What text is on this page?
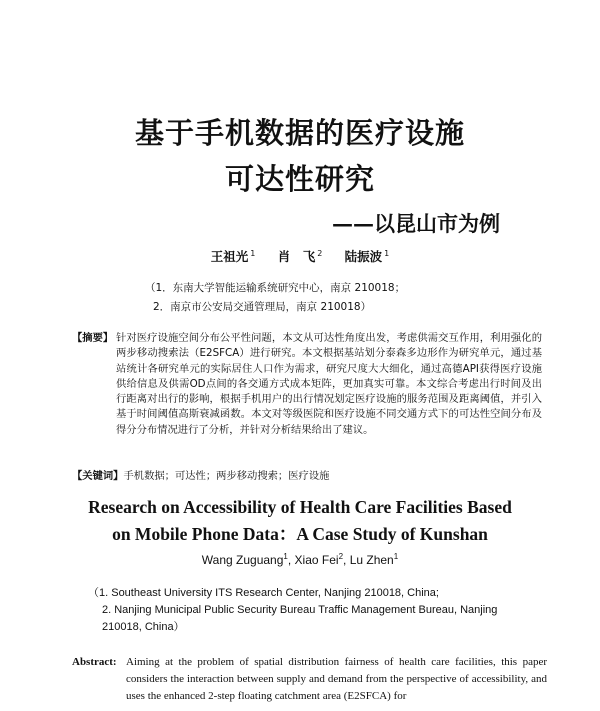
基于手机数据的医疗设施
可达性研究
——以昆山市为例
王祖光 $^1$ 肖　飞 $^2$ 陆振波 $^1$
（1．东南大学智能运输系统研究中心，南京 210018；
2．南京市公安局交通管理局，南京 210018）
【摘要】 针对医疗设施空间分布公平性问题，本文从可达性角度出发，考虑供需交互作用，利用强化的两步移动搜索法（E2SFCA）进行研究。本文根据基站划分泰森多边形作为研究单元，通过基站统计各研究单元的实际居住人口作为需求，研究尺度大大细化，通过高德API获得医疗设施供给信息及供需OD点间的各交通方式成本矩阵，更加真实可靠。本文综合考虑出行时间及出行距离对出行的影响，根据手机用户的出行情况划定医疗设施的服务范围及距离阈值，并引入基于时间阈值高斯衰减函数。本文对等级医院和医疗设施不同交通方式下的可达性空间分布及得分分布情况进行了分析，并针对分析结果给出了建议。
【关键词】手机数据；可达性；两步移动搜索；医疗设施
Research on Accessibility of Health Care Facilities Based
on Mobile Phone Data：A Case Study of Kunshan
Wang Zuguang$^1$, Xiao Fei$^2$, Lu Zhen$^1$
（1. Southeast University ITS Research Center, Nanjing 210018, China;
2. Nanjing Municipal Public Security Bureau Traffic Management Bureau, Nanjing
210018, China）
Abstract: Aiming at the problem of spatial distribution fairness of health care facilities, this paper considers the interaction between supply and demand from the perspective of accessibility, and uses the enhanced 2-step floating catchment area (E2SFCA) for
